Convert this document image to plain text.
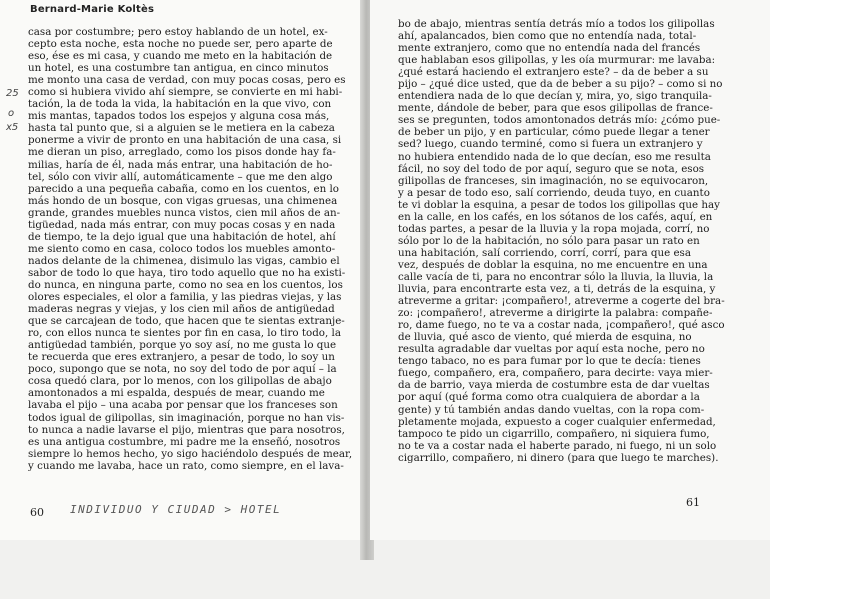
Bernard-Marie Koltès
casa por costumbre; pero estoy hablando de un hotel, ex-
cepto esta noche, esta noche no puede ser, pero aparte de
eso, ése es mi casa, y cuando me meto en la habitación de
un hotel, es una costumbre tan antigua, en cinco minutos
me monto una casa de verdad, con muy pocas cosas, pero es
como si hubiera vivido ahí siempre, se convierte en mi habi-
tación, la de toda la vida, la habitación en la que vivo, con
mis mantas, tapados todos los espejos y alguna cosa más,
hasta tal punto que, si a alguien se le metiera en la cabeza
ponerme a vivir de pronto en una habitación de una casa, si
me dieran un piso, arreglado, como los pisos donde hay fa-
milias, haría de él, nada más entrar, una habitación de ho-
tel, sólo con vivir allí, automáticamente – que me den algo
parecido a una pequeña cabaña, como en los cuentos, en lo
más hondo de un bosque, con vigas gruesas, una chimenea
grande, grandes muebles nunca vistos, cien mil años de an-
tigüedad, nada más entrar, con muy pocas cosas y en nada
de tiempo, te la dejo igual que una habitación de hotel, ahí
me siento como en casa, coloco todos los muebles amonto-
nados delante de la chimenea, disimulo las vigas, cambio el
sabor de todo lo que haya, tiro todo aquello que no ha existi-
do nunca, en ninguna parte, como no sea en los cuentos, los
olores especiales, el olor a familia, y las piedras viejas, y las
maderas negras y viejas, y los cien mil años de antigüedad
que se carcajean de todo, que hacen que te sientas extranje-
ro, con ellos nunca te sientes por fin en casa, lo tiro todo, la
antigüedad también, porque yo soy así, no me gusta lo que
te recuerda que eres extranjero, a pesar de todo, lo soy un
poco, supongo que se nota, no soy del todo de por aquí – la
cosa quedó clara, por lo menos, con los gilipollas de abajo
amontonados a mi espalda, después de mear, cuando me
lavaba el pijo – una acaba por pensar que los franceses son
todos igual de gilipollas, sin imaginación, porque no han vis-
to nunca a nadie lavarse el pijo, mientras que para nosotros,
es una antigua costumbre, mi padre me la enseñó, nosotros
siempre lo hemos hecho, yo sigo haciéndolo después de mear,
y cuando me lavaba, hace un rato, como siempre, en el lava-
INDIVIDUO Y CIUDAD > HOTEL
60
25
o
x5
bo de abajo, mientras sentía detrás mío a todos los gilipollas
ahí, apalancados, bien como que no entendía nada, total-
mente extranjero, como que no entendía nada del francés
que hablaban esos gilipollas, y les oía murmurar: me lavaba:
¿qué estará haciendo el extranjero este? – da de beber a su
pijo – ¿qué dice usted, que da de beber a su pijo? – como si no
entendiera nada de lo que decían y, mira, yo, sigo tranquila-
mente, dándole de beber, para que esos gilipollas de france-
ses se pregunten, todos amontonados detrás mío: ¿cómo pue-
de beber un pijo, y en particular, cómo puede llegar a tener
sed? luego, cuando terminé, como si fuera un extranjero y
no hubiera entendido nada de lo que decían, eso me resulta
fácil, no soy del todo de por aquí, seguro que se nota, esos
gilipollas de franceses, sin imaginación, no se equivocaron,
y a pesar de todo eso, salí corriendo, deuda tuyo, en cuanto
te vi doblar la esquina, a pesar de todos los gilipollas que hay
en la calle, en los cafés, en los sótanos de los cafés, aquí, en
todas partes, a pesar de la lluvia y la ropa mojada, corrí, no
sólo por lo de la habitación, no sólo para pasar un rato en
una habitación, salí corriendo, corrí, corrí, para que esa
vez, después de doblar la esquina, no me encuentre en una
calle vacía de ti, para no encontrar sólo la lluvia, la lluvia, la
lluvia, para encontrarte esta vez, a ti, detrás de la esquina, y
atreverme a gritar: ¡compañero!, atreverme a cogerte del bra-
zo: ¡compañero!, atreverme a dirigirte la palabra: compañe-
ro, dame fuego, no te va a costar nada, ¡compañero!, qué asco
de lluvia, qué asco de viento, qué mierda de esquina, no
resulta agradable dar vueltas por aquí esta noche, pero no
tengo tabaco, no es para fumar por lo que te decía: tienes
fuego, compañero, era, compañero, para decirte: vaya mier-
da de barrio, vaya mierda de costumbre esta de dar vueltas
por aquí (qué forma como otra cualquiera de abordar a la
gente) y tú también andas dando vueltas, con la ropa com-
pletamente mojada, expuesto a coger cualquier enfermedad,
tampoco te pido un cigarrillo, compañero, ni siquiera fumo,
no te va a costar nada el haberte parado, ni fuego, ni un solo
cigarrillo, compañero, ni dinero (para que luego te marches).
61
